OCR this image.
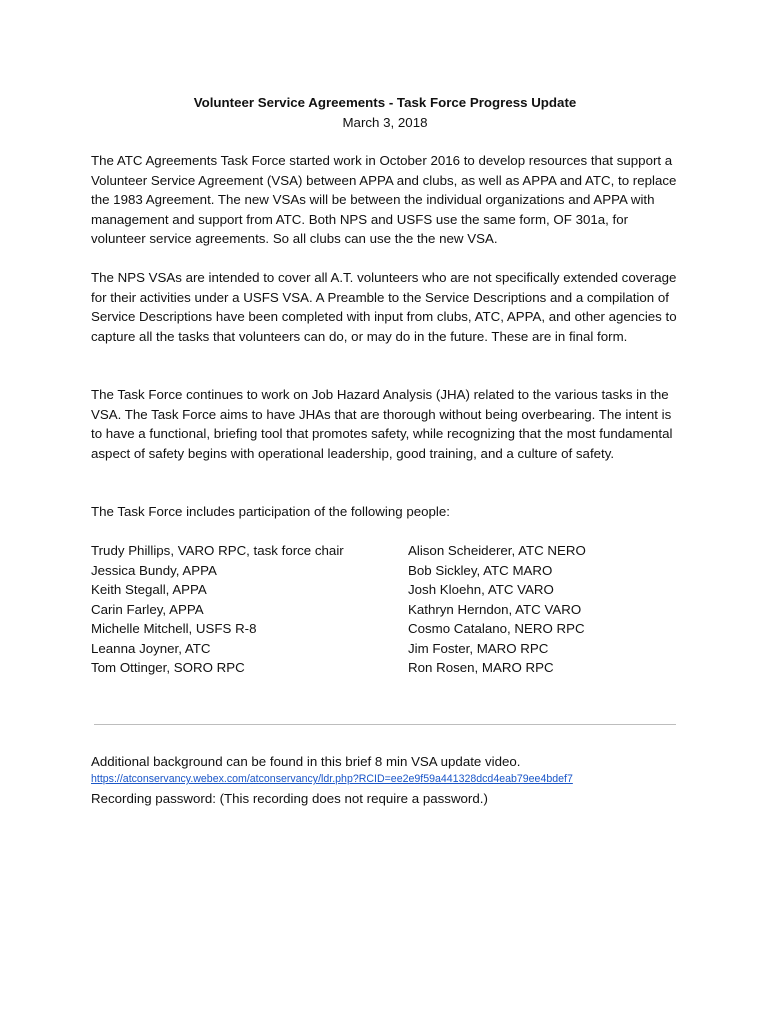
Volunteer Service Agreements - Task Force Progress Update
March 3, 2018

The ATC Agreements Task Force started work in October 2016 to develop resources that support a Volunteer Service Agreement (VSA) between APPA and clubs, as well as APPA and ATC, to replace the 1983 Agreement. The new VSAs will be between the individual organizations and APPA with management and support from ATC. Both NPS and USFS use the same form, OF 301a, for volunteer service agreements. So all clubs can use the the new VSA.

The NPS VSAs are intended to cover all A.T. volunteers who are not specifically extended coverage for their activities under a USFS VSA. A Preamble to the Service Descriptions and a compilation of Service Descriptions have been completed with input from clubs, ATC, APPA, and other agencies to capture all the tasks that volunteers can do, or may do in the future. These are in final form.

The Task Force continues to work on Job Hazard Analysis (JHA) related to the various tasks in the VSA. The Task Force aims to have JHAs that are thorough without being overbearing. The intent is to have a functional, briefing tool that promotes safety, while recognizing that the most fundamental aspect of safety begins with operational leadership, good training, and a culture of safety.

The Task Force includes participation of the following people:

Trudy Phillips, VARO RPC, task force chair
Jessica Bundy, APPA
Keith Stegall, APPA
Carin Farley, APPA
Michelle Mitchell, USFS R-8
Leanna Joyner, ATC
Tom Ottinger, SORO RPC
Alison Scheiderer, ATC NERO
Bob Sickley, ATC MARO
Josh Kloehn, ATC VARO
Kathryn Herndon, ATC VARO
Cosmo Catalano, NERO RPC
Jim Foster, MARO RPC
Ron Rosen, MARO RPC
Additional background can be found in this brief 8 min VSA update video.
https://atconservancy.webex.com/atconservancy/ldr.php?RCID=ee2e9f59a441328dcd4eab79ee4bdef7
Recording password: (This recording does not require a password.)
